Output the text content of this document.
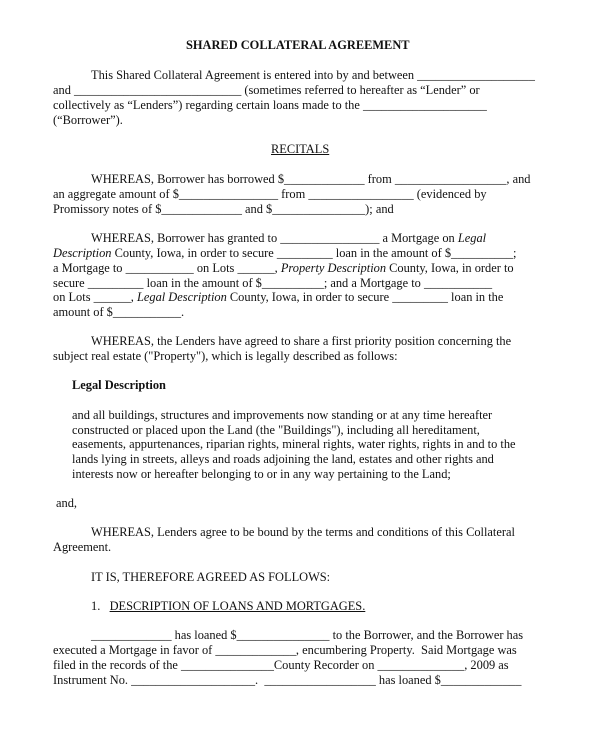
SHARED COLLATERAL AGREEMENT
This Shared Collateral Agreement is entered into by and between ___________________
and ___________________________ (sometimes referred to hereafter as “Lender” or
collectively as “Lenders”) regarding certain loans made to the ____________________
(“Borrower”).
RECITALS
WHEREAS, Borrower has borrowed $_____________ from __________________, and
an aggregate amount of $________________ from _________________ (evidenced by
Promissory notes of $_____________ and $_______________); and
WHEREAS, Borrower has granted to ________________ a Mortgage on Legal
Description County, Iowa, in order to secure _________ loan in the amount of $__________;
a Mortgage to ___________ on Lots ______, Property Description County, Iowa, in order to
secure _________ loan in the amount of $__________; and a Mortgage to ___________
on Lots ______, Legal Description County, Iowa, in order to secure _________ loan in the
amount of $___________.
WHEREAS, the Lenders have agreed to share a first priority position concerning the
subject real estate ("Property"), which is legally described as follows:
Legal Description
and all buildings, structures and improvements now standing or at any time hereafter
constructed or placed upon the Land (the "Buildings"), including all hereditament,
easements, appurtenances, riparian rights, mineral rights, water rights, rights in and to the
lands lying in streets, alleys and roads adjoining the land, estates and other rights and
interests now or hereafter belonging to or in any way pertaining to the Land;
and,
WHEREAS, Lenders agree to be bound by the terms and conditions of this Collateral
Agreement.
IT IS, THEREFORE AGREED AS FOLLOWS:
1. DESCRIPTION OF LOANS AND MORTGAGES.
_____________ has loaned $_______________ to the Borrower, and the Borrower has
executed a Mortgage in favor of _____________, encumbering Property.  Said Mortgage was
filed in the records of the _______________County Recorder on ______________, 2009 as
Instrument No. ____________________.  __________________ has loaned $_____________
